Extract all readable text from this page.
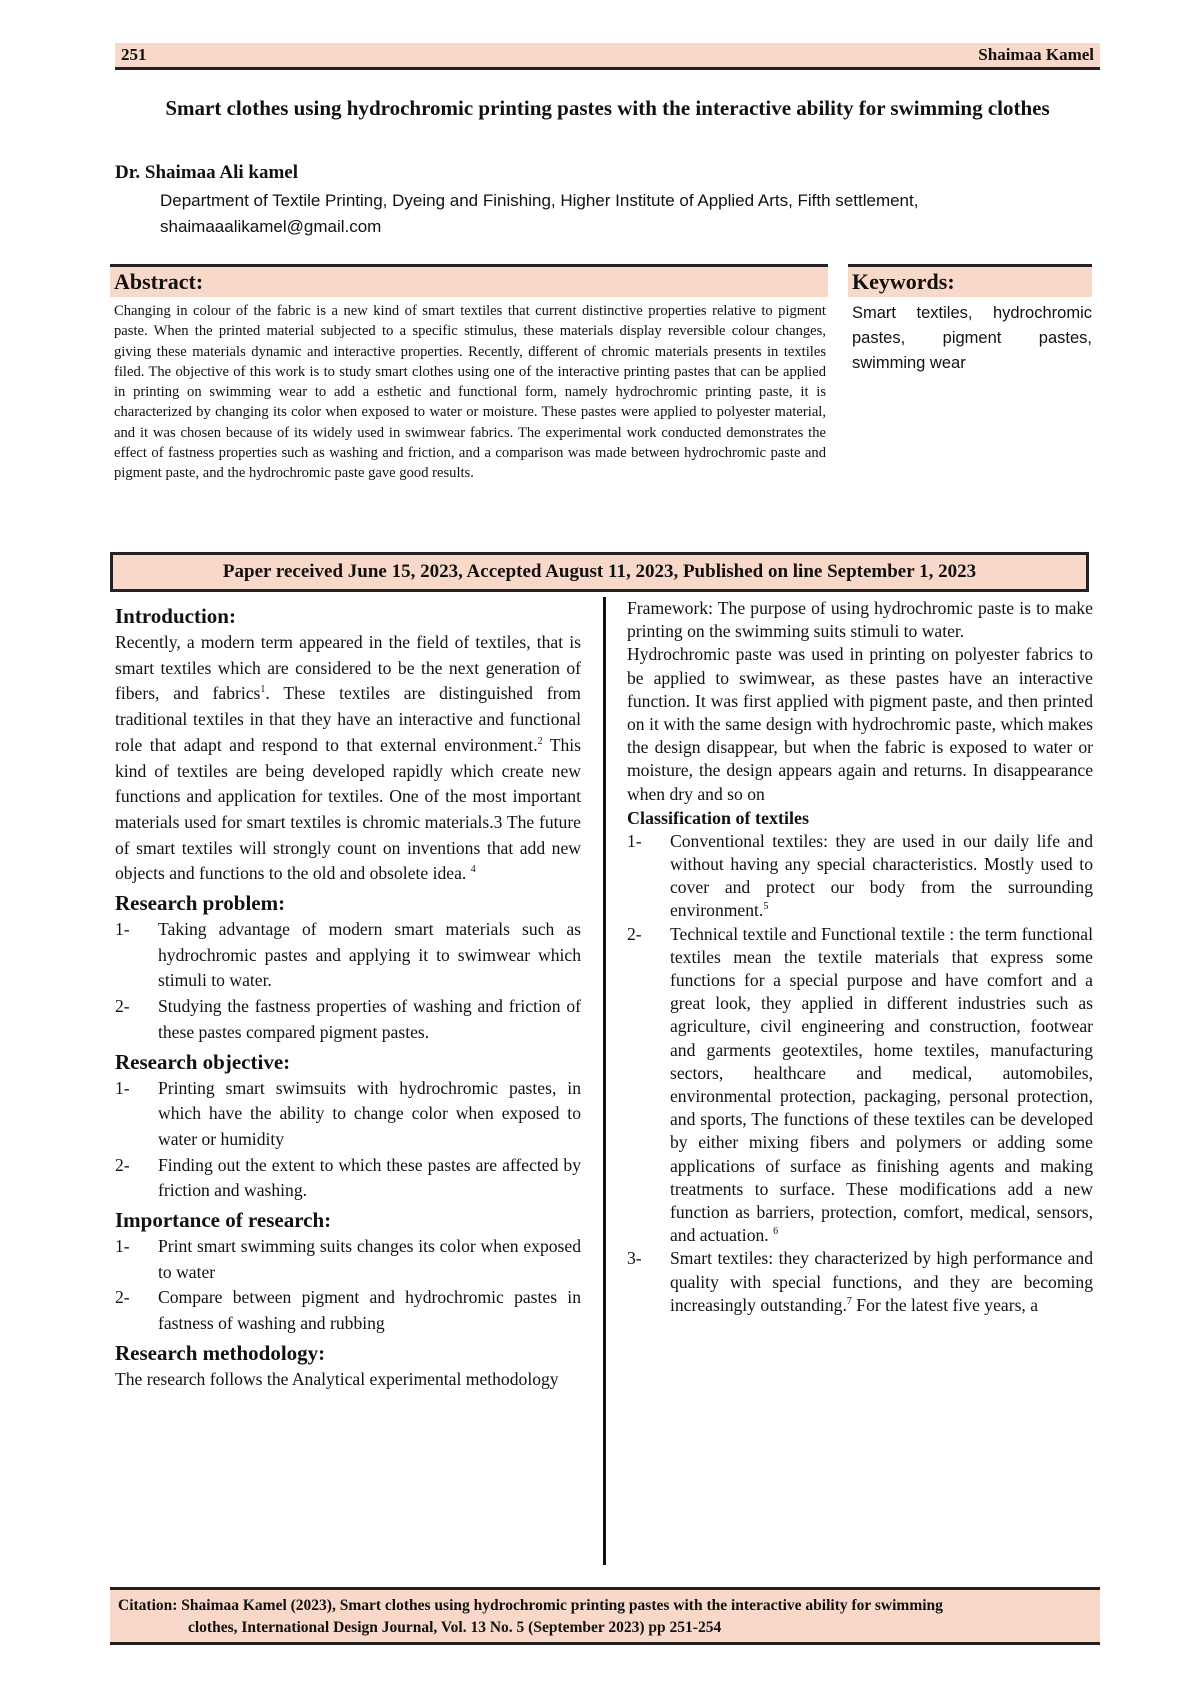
251	Shaimaa Kamel
Smart clothes using hydrochromic printing pastes with the interactive ability for swimming clothes
Dr. Shaimaa Ali kamel
Department of Textile Printing, Dyeing and Finishing, Higher Institute of Applied Arts, Fifth settlement, shaimaaalikamel@gmail.com
Abstract:

Changing in colour of the fabric is a new kind of smart textiles that current distinctive properties relative to pigment paste. When the printed material subjected to a specific stimulus, these materials display reversible colour changes, giving these materials dynamic and interactive properties. Recently, different of chromic materials presents in textiles filed. The objective of this work is to study smart clothes using one of the interactive printing pastes that can be applied in printing on swimming wear to add a esthetic and functional form, namely hydrochromic printing paste, it is characterized by changing its color when exposed to water or moisture. These pastes were applied to polyester material, and it was chosen because of its widely used in swimwear fabrics. The experimental work conducted demonstrates the effect of fastness properties such as washing and friction, and a comparison was made between hydrochromic paste and pigment paste, and the hydrochromic paste gave good results.

Keywords:

Smart textiles, hydrochromic pastes, pigment pastes, swimming wear

Paper received June 15, 2023, Accepted August 11, 2023, Published on line September 1, 2023
Introduction:

Recently, a modern term appeared in the field of textiles, that is smart textiles which are considered to be the next generation of fibers, and fabrics$^1$. These textiles are distinguished from traditional textiles in that they have an interactive and functional role that adapt and respond to that external environment.$^2$ This kind of textiles are being developed rapidly which create new functions and application for textiles. One of the most important materials used for smart textiles is chromic materials.3 The future of smart textiles will strongly count on inventions that add new objects and functions to the old and obsolete idea. $^4$

Research problem:
1- Taking advantage of modern smart materials such as hydrochromic pastes and applying it to swimwear which stimuli to water.
2- Studying the fastness properties of washing and friction of these pastes compared pigment pastes.
Research objective:
1- Printing smart swimsuits with hydrochromic pastes, in which have the ability to change color when exposed to water or humidity
2- Finding out the extent to which these pastes are affected by friction and washing.
Importance of research:
1- Print smart swimming suits changes its color when exposed to water
2- Compare between pigment and hydrochromic pastes in fastness of washing and rubbing
Research methodology:

The research follows the Analytical experimental methodology

Framework: The purpose of using hydrochromic paste is to make printing on the swimming suits stimuli to water.

Hydrochromic paste was used in printing on polyester fabrics to be applied to swimwear, as these pastes have an interactive function. It was first applied with pigment paste, and then printed on it with the same design with hydrochromic paste, which makes the design disappear, but when the fabric is exposed to water or moisture, the design appears again and returns. In disappearance when dry and so on

Classification of textiles
1- Conventional textiles: they are used in our daily life and without having any special characteristics. Mostly used to cover and protect our body from the surrounding environment.$^5$
2- Technical textile and Functional textile : the term functional textiles mean the textile materials that express some functions for a special purpose and have comfort and a great look, they applied in different industries such as agriculture, civil engineering and construction, footwear and garments geotextiles, home textiles, manufacturing sectors, healthcare and medical, automobiles, environmental protection, packaging, personal protection, and sports, The functions of these textiles can be developed by either mixing fibers and polymers or adding some applications of surface as finishing agents and making treatments to surface. These modifications add a new function as barriers, protection, comfort, medical, sensors, and actuation. $^6$
3- Smart textiles: they characterized by high performance and quality with special functions, and they are becoming increasingly outstanding.$^7$ For the latest five years, a
Citation: Shaimaa Kamel (2023), Smart clothes using hydrochromic printing pastes with the interactive ability for swimming
clothes, International Design Journal, Vol. 13 No. 5 (September 2023) pp 251-254
